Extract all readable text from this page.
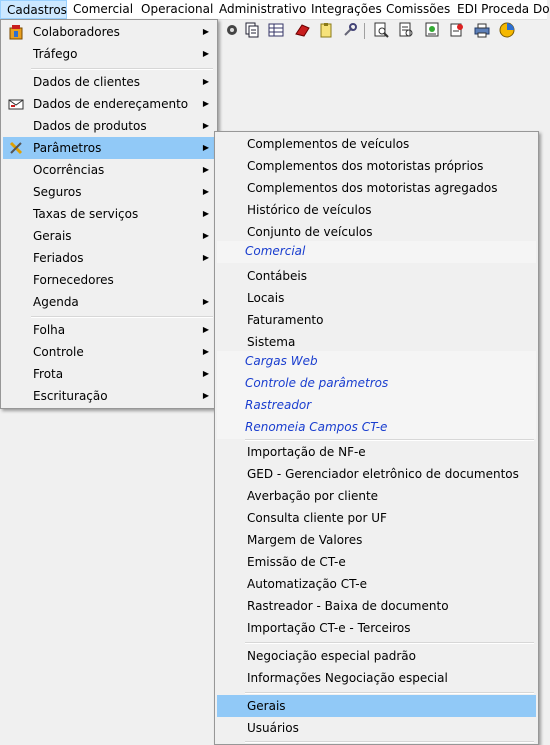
Cadastros Comercial Operacional Administrativo Integrações Comissões EDI Proceda Do
Colaboradores	▶
Tráfego	▶
Dados de clientes	▶
Dados de endereçamento ▶
Dados de produtos	▶
Parâmetros	▶
Ocorrências	▶
Seguros	▶
Taxas de serviços	▶
Gerais	▶
Feriados	▶
Fornecedores
Agenda	▶
Folha	▶
Controle	▶
Frota	▶
Escrituração	▶
Complementos de veículos
Complementos dos motoristas próprios
Complementos dos motoristas agregados
Histórico de veículos
Conjunto de veículos
Comercial
Contábeis
Locais
Faturamento
Sistema
Cargas Web
Controle de parâmetros
Rastreador
Renomeia Campos CT-e
Importação de NF-e
GED - Gerenciador eletrônico de documentos
Averbação por cliente
Consulta cliente por UF
Margem de Valores
Emissão de CT-e
Automatização CT-e
Rastreador - Baixa de documento
Importação CT-e - Terceiros
Negociação especial padrão
Informações Negociação especial
Gerais
Usuários
